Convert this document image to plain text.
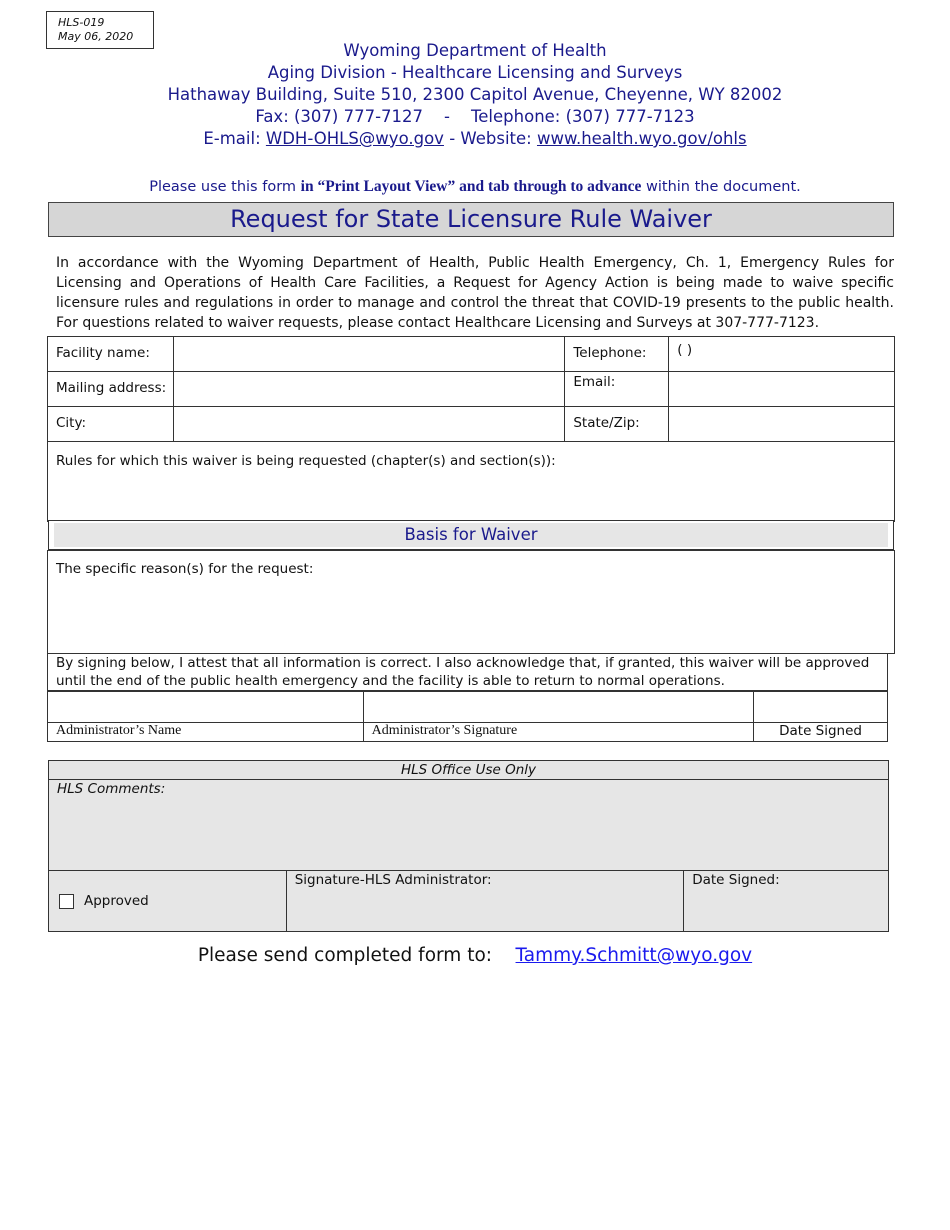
HLS-019
May 06, 2020
Wyoming Department of Health
Aging Division - Healthcare Licensing and Surveys
Hathaway Building, Suite 510, 2300 Capitol Avenue, Cheyenne, WY 82002
Fax: (307) 777-7127 - Telephone: (307) 777-7123
E-mail: WDH-OHLS@wyo.gov - Website: www.health.wyo.gov/ohls
Please use this form in “Print Layout View” and tab through to advance within the document.
Request for State Licensure Rule Waiver
In accordance with the Wyoming Department of Health, Public Health Emergency, Ch. 1, Emergency Rules for Licensing and Operations of Health Care Facilities, a Request for Agency Action is being made to waive specific licensure rules and regulations in order to manage and control the threat that COVID-19 presents to the public health. For questions related to waiver requests, please contact Healthcare Licensing and Surveys at 307-777-7123.
Facility name:		Telephone:	( )

Mailing address:		Email:	

City:		State/Zip:	

Rules for which this waiver is being requested (chapter(s) and section(s)):			
Basis for Waiver
The specific reason(s) for the request:
By signing below, I attest that all information is correct. I also acknowledge that, if granted, this waiver will be approved until the end of the public health emergency and the facility is able to return to normal operations.

Administrator’s Name	Administrator’s Signature	Date Signed
HLS Office Use Only
HLS Comments:
Approved

Signature-HLS Administrator:	Date Signed:
Please send completed form to: Tammy.Schmitt@wyo.gov
